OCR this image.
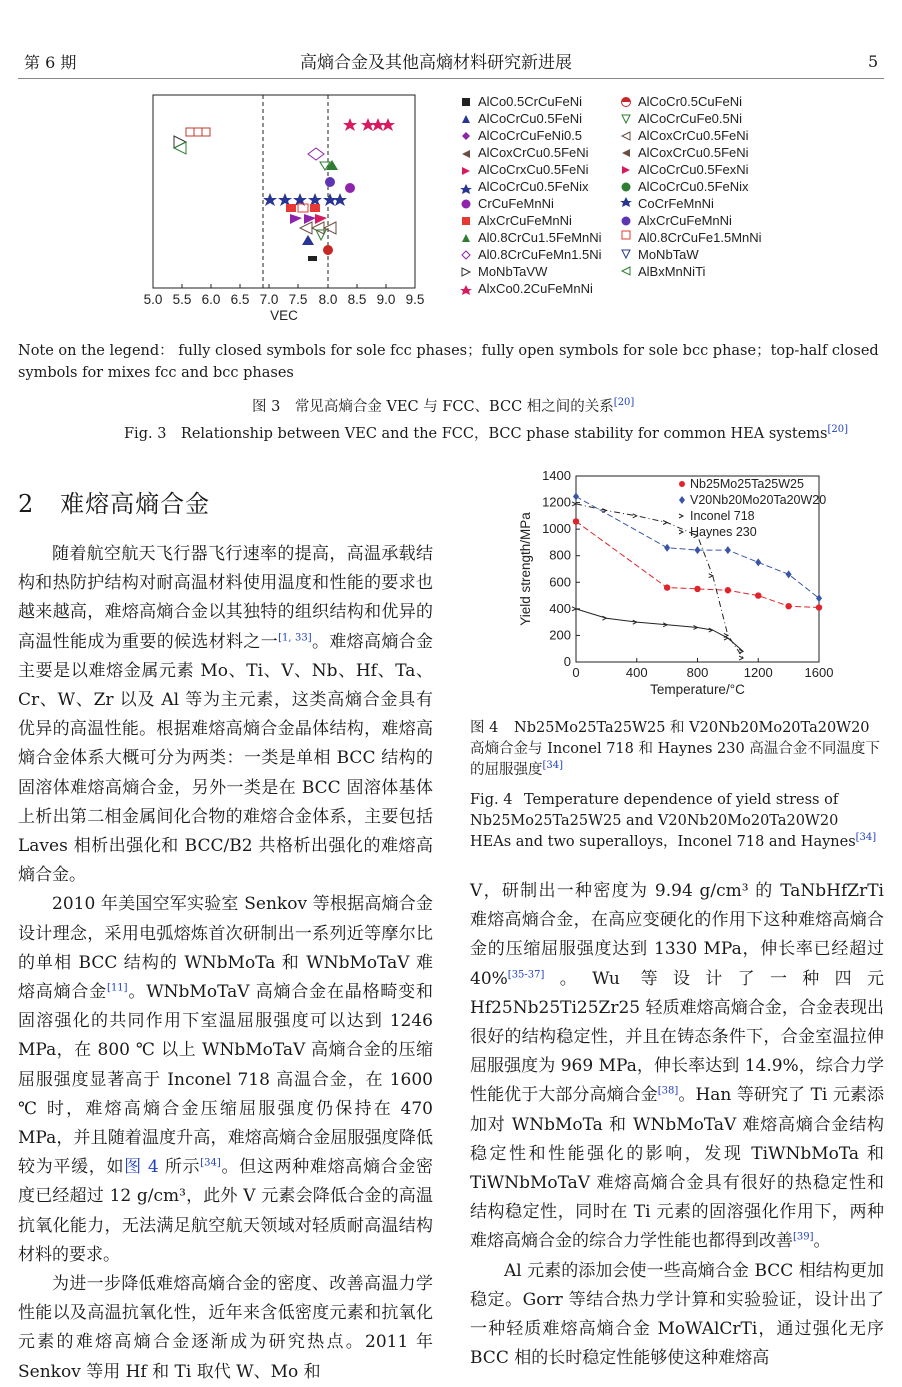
第 6 期	高熵合金及其他高熵材料研究新进展	5
5.0 5.5 6.0 6.5 7.0 7.5 8.0 8.5 9.0 9.5
VEC
AlCo0.5CrCuFeNi
AlCoCrCu0.5FeNi
AlCoCrCuFeNi0.5
AlCoxCrCu0.5FeNi
AlCoCrxCu0.5FeNi
AlCoCrCu0.5FeNix
CrCuFeMnNi
AlxCrCuFeMnNi
Al0.8CrCu1.5FeMnNi
Al0.8CrCuFeMn1.5Ni
MoNbTaVW
AlxCo0.2CuFeMnNi
AlCoCr0.5CuFeNi
AlCoCrCuFe0.5Ni
AlCoxCrCu0.5FeNi
AlCoxCrCu0.5FeNi
AlCoCrCu0.5FexNi
AlCoCrCu0.5FeNix
CoCrFeMnNi
AlxCrCuFeMnNi
Al0.8CrCuFe1.5MnNi
MoNbTaW
AlBxMnNiTi
Note on the legend： fully closed symbols for sole fcc phases；fully open symbols for sole bcc phase；top-half closed symbols for mixes fcc and bcc phases
图 3　常见高熵合金 VEC 与 FCC、BCC 相之间的关系[20]
Fig. 3　Relationship between VEC and the FCC，BCC phase stability for common HEA systems[20]
2 难熔高熵合金
0
200
400
600
800
1000
1200
1400
0	400	800	1200 1600
Temperature/°C
Yield strength/MPa
Nb25Mo25Ta25W25
V20Nb20Mo20Ta20W20
Inconel 718
Haynes 230
图 4 Nb25Mo25Ta25W25 和 V20Nb20Mo20Ta20W20 高熵合金与 Inconel 718 和 Haynes 230 高温合金不同温度下的屈服强度[34]
Fig. 4 Temperature dependence of yield stress of Nb25Mo25Ta25W25 and V20Nb20Mo20Ta20W20 HEAs and two superalloys，Inconel 718 and Haynes[34]

随着航空航天飞行器飞行速率的提高，高温承载结构和热防护结构对耐高温材料使用温度和性能的要求也越来越高，难熔高熵合金以其独特的组织结构和优异的高温性能成为重要的候选材料之一[1, 33]。难熔高熵合金主要是以难熔金属元素 Mo、Ti、V、Nb、Hf、Ta、Cr、W、Zr 以及 Al 等为主元素，这类高熵合金具有优异的高温性能。根据难熔高熵合金晶体结构，难熔高熵合金体系大概可分为两类：一类是单相 BCC 结构的固溶体难熔高熵合金，另外一类是在 BCC 固溶体基体上析出第二相金属间化合物的难熔合金体系，主要包括 Laves 相析出强化和 BCC/B2 共格析出强化的难熔高熵合金。

2010 年美国空军实验室 Senkov 等根据高熵合金设计理念，采用电弧熔炼首次研制出一系列近等摩尔比的单相 BCC 结构的 WNbMoTa 和 WNbMoTaV 难熔高熵合金[11]。WNbMoTaV 高熵合金在晶格畸变和固溶强化的共同作用下室温屈服强度可以达到 1246 MPa，在 800 ℃ 以上 WNbMoTaV 高熵合金的压缩屈服强度显著高于 Inconel 718 高温合金，在 1600 ℃ 时，难熔高熵合金压缩屈服强度仍保持在 470 MPa，并且随着温度升高，难熔高熵合金屈服强度降低较为平缓，如图 4 所示[34]。但这两种难熔高熵合金密度已经超过 12 g/cm³，此外 V 元素会降低合金的高温抗氧化能力，无法满足航空航天领域对轻质耐高温结构材料的要求。

为进一步降低难熔高熵合金的密度、改善高温力学性能以及高温抗氧化性，近年来含低密度元素和抗氧化元素的难熔高熵合金逐渐成为研究热点。2011 年 Senkov 等用 Hf 和 Ti 取代 W、Mo 和

V，研制出一种密度为 9.94 g/cm³ 的 TaNbHfZrTi 难熔高熵合金，在高应变硬化的作用下这种难熔高熵合金的压缩屈服强度达到 1330 MPa，伸长率已经超过 40%[35-37]。Wu 等设计了一种四元 Hf25Nb25Ti25Zr25 轻质难熔高熵合金，合金表现出很好的结构稳定性，并且在铸态条件下，合金室温拉伸屈服强度为 969 MPa，伸长率达到 14.9%，综合力学性能优于大部分高熵合金[38]。Han 等研究了 Ti 元素添加对 WNbMoTa 和 WNbMoTaV 难熔高熵合金结构稳定性和性能强化的影响，发现 TiWNbMoTa 和 TiWNbMoTaV 难熔高熵合金具有很好的热稳定性和结构稳定性，同时在 Ti 元素的固溶强化作用下，两种难熔高熵合金的综合力学性能也都得到改善[39]。

Al 元素的添加会使一些高熵合金 BCC 相结构更加稳定。Gorr 等结合热力学计算和实验验证，设计出了一种轻质难熔高熵合金 MoWAlCrTi，通过强化无序 BCC 相的长时稳定性能够使这种难熔高
